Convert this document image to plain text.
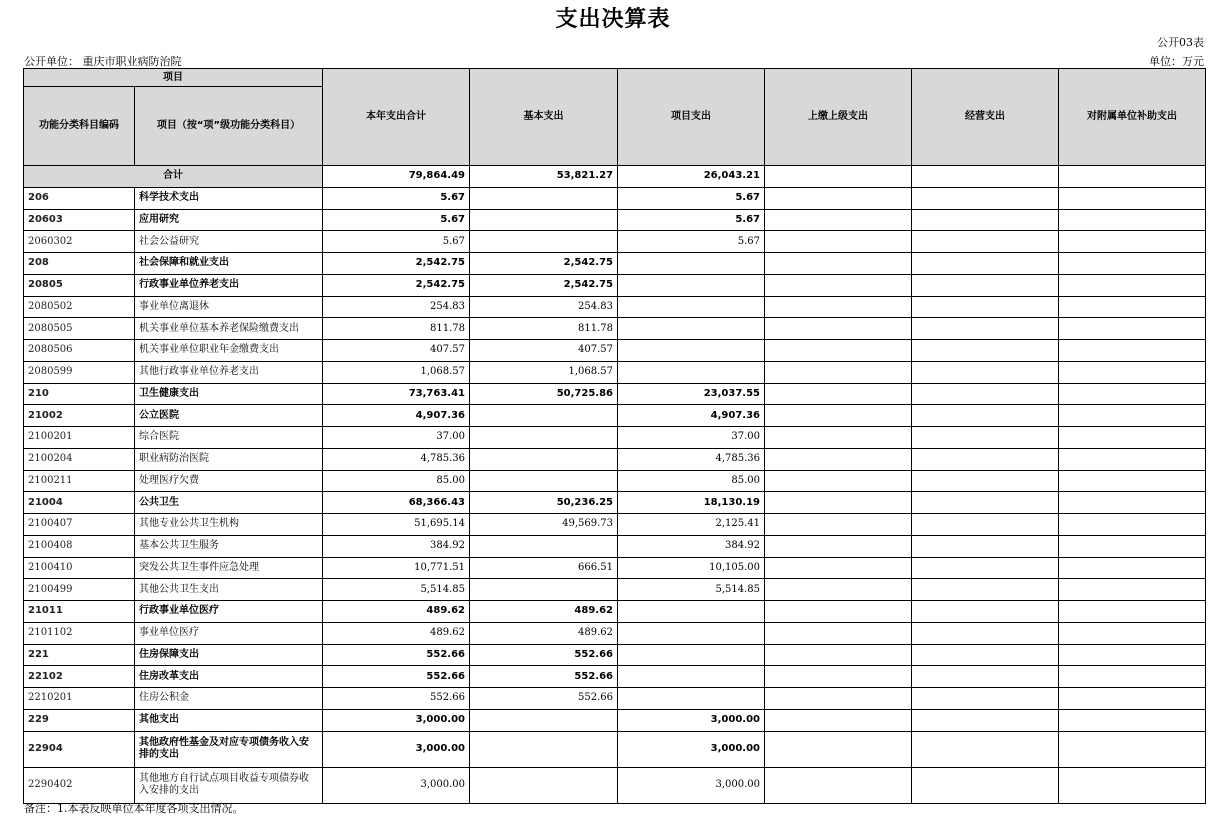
支出决算表
公开03表
公开单位： 重庆市职业病防治院	单位：万元
项目		本年支出合计	基本支出	项目支出	上缴上级支出	经营支出	对附属单位补助支出
功能分类科目编码	项目（按“项”级功能分类科目）						
合计		79,864.49	53,821.27	26,043.21			
206	科学技术支出	5.67		5.67			
20603	应用研究	5.67		5.67			
2060302	社会公益研究	5.67		5.67			
208	社会保障和就业支出	2,542.75	2,542.75				
20805	行政事业单位养老支出	2,542.75	2,542.75				
2080502	事业单位离退休	254.83	254.83				
2080505	机关事业单位基本养老保险缴费支出	811.78	811.78				
2080506	机关事业单位职业年金缴费支出	407.57	407.57				
2080599	其他行政事业单位养老支出	1,068.57	1,068.57				
210	卫生健康支出	73,763.41	50,725.86	23,037.55			
21002	公立医院	4,907.36		4,907.36			
2100201	综合医院	37.00		37.00			
2100204	职业病防治医院	4,785.36		4,785.36			
2100211	处理医疗欠费	85.00		85.00			
21004	公共卫生	68,366.43	50,236.25	18,130.19			
2100407	其他专业公共卫生机构	51,695.14	49,569.73	2,125.41			
2100408	基本公共卫生服务	384.92		384.92			
2100410	突发公共卫生事件应急处理	10,771.51	666.51	10,105.00			
2100499	其他公共卫生支出	5,514.85		5,514.85			
21011	行政事业单位医疗	489.62	489.62				
2101102	事业单位医疗	489.62	489.62				
221	住房保障支出	552.66	552.66				
22102	住房改革支出	552.66	552.66				
2210201	住房公积金	552.66	552.66				
229	其他支出	3,000.00		3,000.00			
22904	其他政府性基金及对应专项债务收入安排的支出	3,000.00		3,000.00			
2290402	其他地方自行试点项目收益专项债券收入安排的支出	3,000.00		3,000.00			
备注：1.本表反映单位本年度各项支出情况。
